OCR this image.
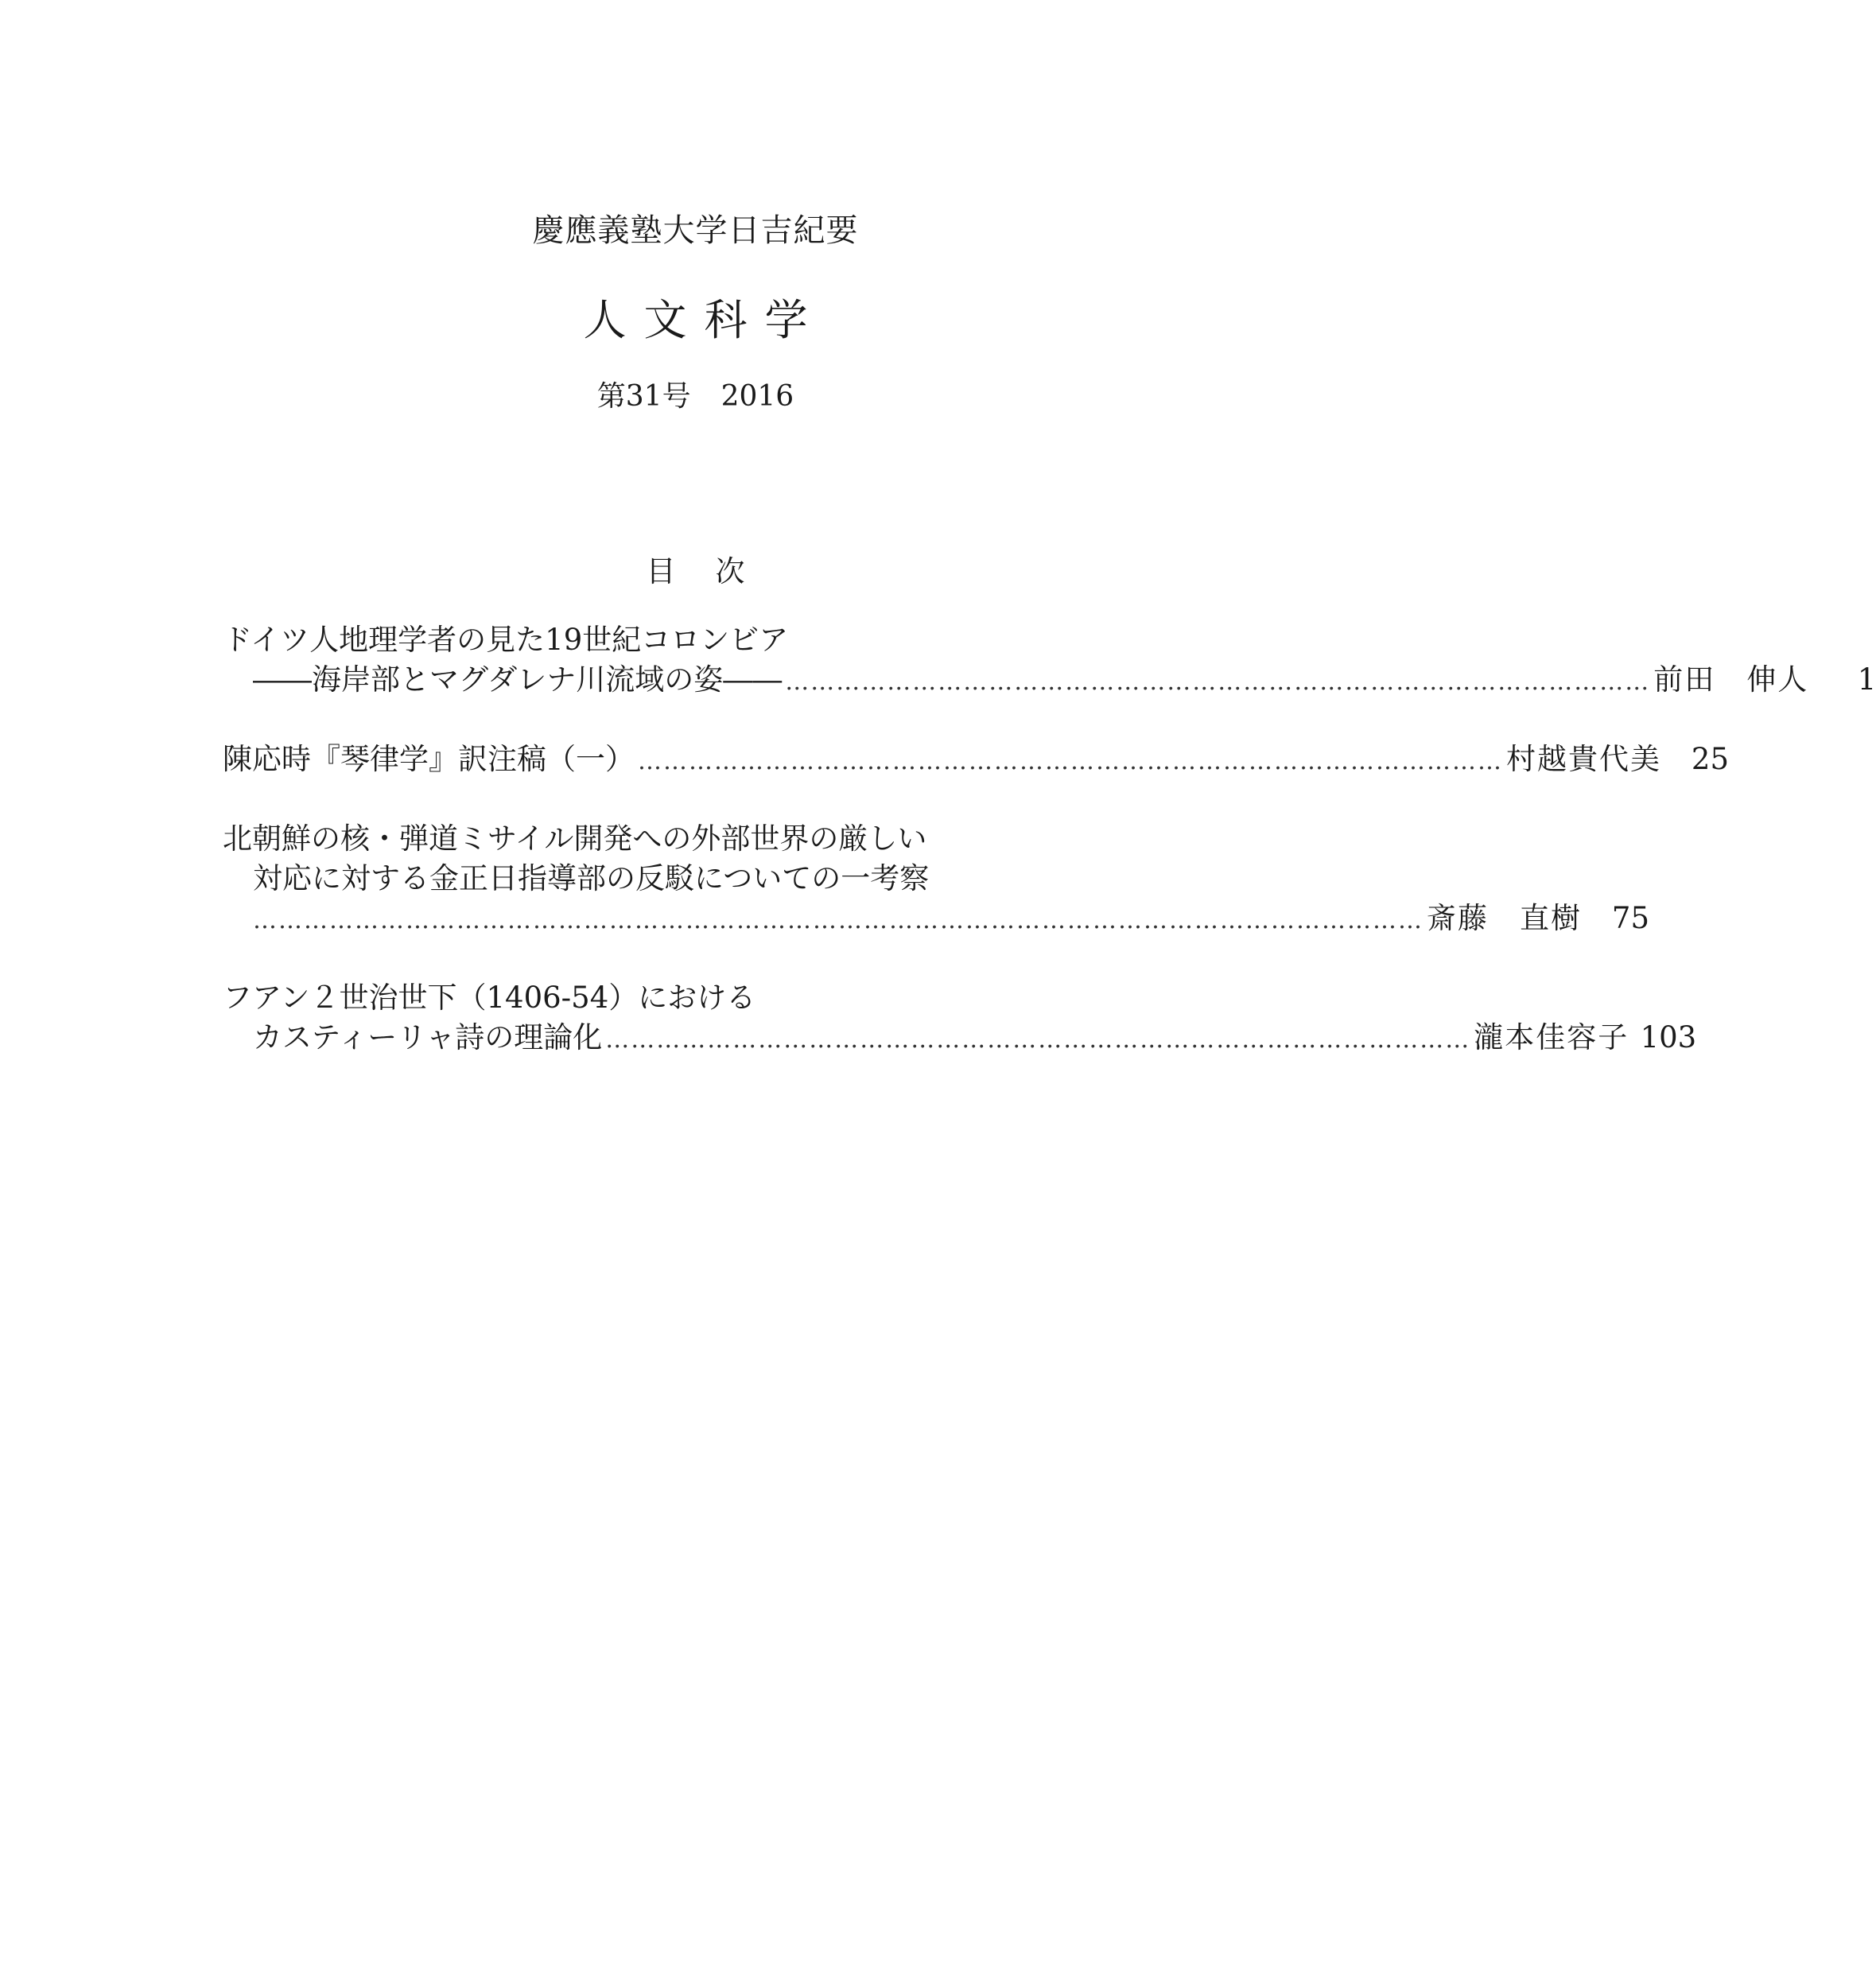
慶應義塾大学日吉紀要
人文科学
第31号 2016
目次
ドイツ人地理学者の見た19世紀コロンビア
――海岸部とマグダレナ川流域の姿―― ………………………………………………………………………………………… 前田　伸人	1
陳応時『琴律学』訳注稿（一） ………………………………………………………………………………………… 村越貴代美	25
北朝鮮の核・弾道ミサイル開発への外部世界の厳しい
対応に対する金正日指導部の反駁についての一考察
………………………………………………………………………………………………………………………… 斎藤　直樹	75
フアン２世治世下（1406-54）における
カスティーリャ詩の理論化 ………………………………………………………………………………………… 瀧本佳容子 103
